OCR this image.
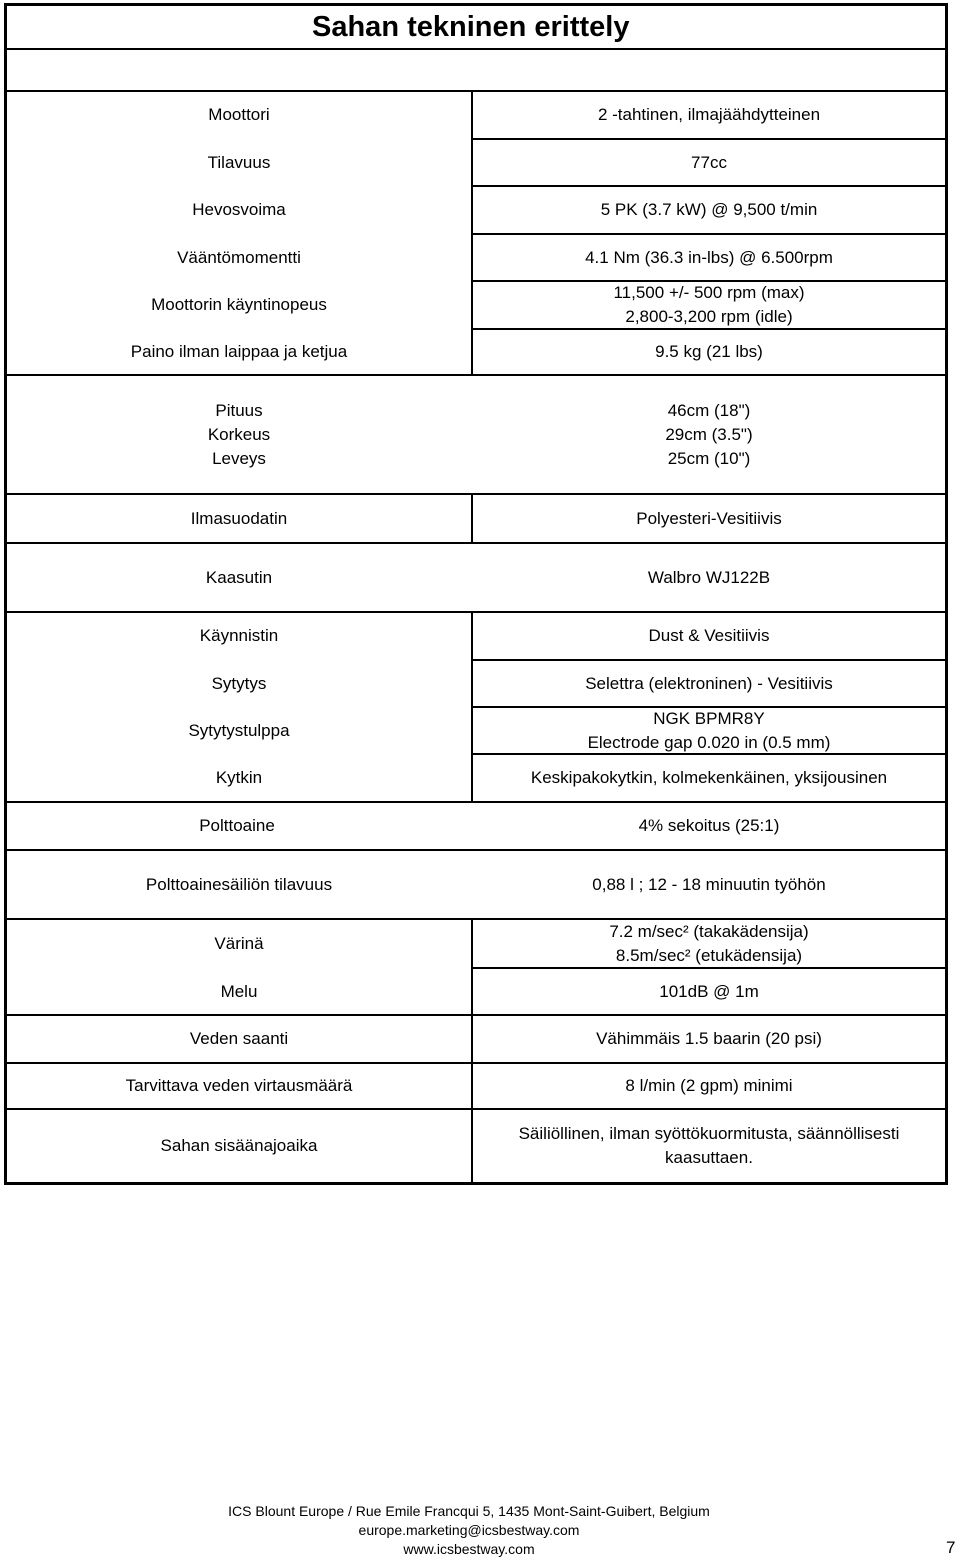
Sahan tekninen erittely
Moottori
Tilavuus
Hevosvoima
Vääntömomentti
Moottorin käyntinopeus
Paino ilman laippaa ja ketjua
Pituus
Korkeus
Leveys
Ilmasuodatin
Kaasutin
Käynnistin
Sytytys
Sytytystulppa
Kytkin
Polttoaine
Polttoainesäiliön tilavuus
Värinä
Melu
Veden saanti
Tarvittava veden virtausmäärä
Sahan sisäänajoaika
2 -tahtinen, ilmajäähdytteinen
77cc
5 PK (3.7 kW) @ 9,500 t/min
4.1 Nm (36.3 in-lbs) @ 6.500rpm
11,500 +/- 500 rpm (max)
2,800-3,200 rpm (idle)
9.5 kg (21 lbs)
46cm (18")
29cm (3.5")
25cm (10")
Polyesteri-Vesitiivis
Walbro WJ122B
Dust & Vesitiivis
Selettra (elektroninen) - Vesitiivis
NGK BPMR8Y
Electrode gap 0.020 in (0.5 mm)
Keskipakokytkin, kolmekenkäinen, yksijousinen
4% sekoitus (25:1)
0,88 l ; 12 - 18 minuutin työhön
7.2 m/sec² (takakädensija)
8.5m/sec² (etukädensija)
101dB @ 1m
Vähimmäis 1.5 baarin (20 psi)
8 l/min (2 gpm) minimi
Säiliöllinen, ilman syöttökuormitusta, säännöllisesti
kaasuttaen.
ICS Blount Europe / Rue Emile Francqui 5, 1435 Mont-Saint-Guibert, Belgium
europe.marketing@icsbestway.com
www.icsbestway.com	7
